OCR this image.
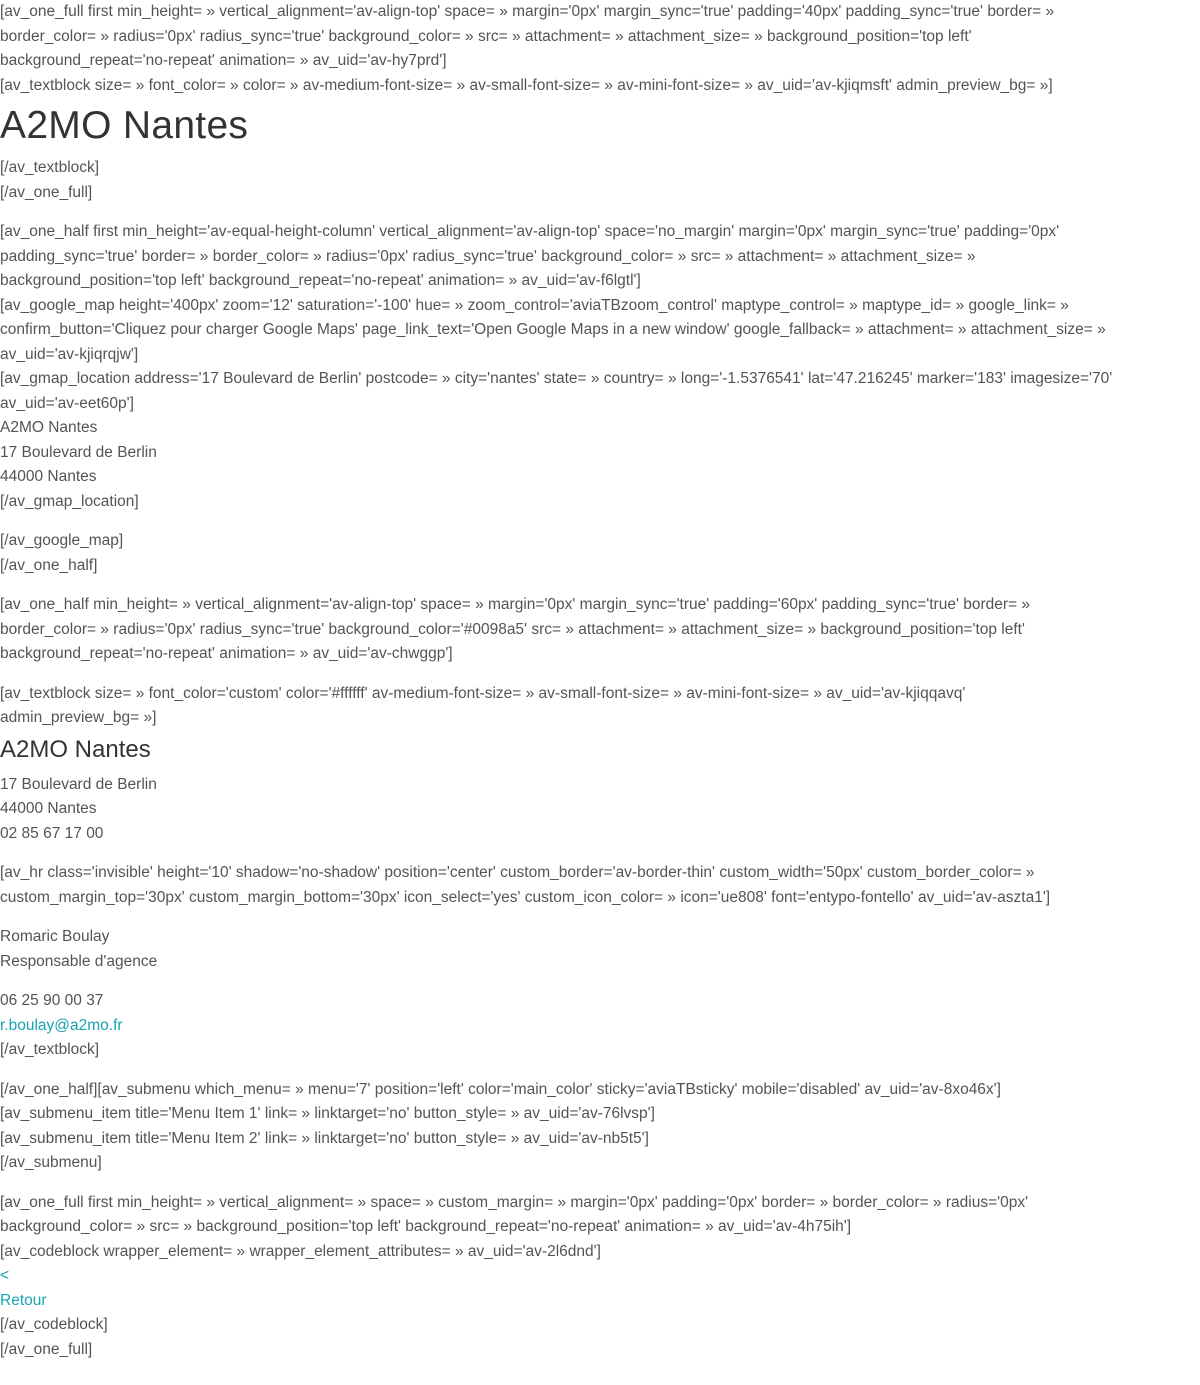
[av_one_full first min_height= » vertical_alignment='av-align-top' space= » margin='0px' margin_sync='true' padding='40px' padding_sync='true' border= »
border_color= » radius='0px' radius_sync='true' background_color= » src= » attachment= » attachment_size= » background_position='top left'
background_repeat='no-repeat' animation= » av_uid='av-hy7prd']
[av_textblock size= » font_color= » color= » av-medium-font-size= » av-small-font-size= » av-mini-font-size= » av_uid='av-kjiqmsft' admin_preview_bg= »]
A2MO Nantes
[/av_textblock]
[/av_one_full]
[av_one_half first min_height='av-equal-height-column' vertical_alignment='av-align-top' space='no_margin' margin='0px' margin_sync='true' padding='0px'
padding_sync='true' border= » border_color= » radius='0px' radius_sync='true' background_color= » src= » attachment= » attachment_size= »
background_position='top left' background_repeat='no-repeat' animation= » av_uid='av-f6lgtl']
[av_google_map height='400px' zoom='12' saturation='-100' hue= » zoom_control='aviaTBzoom_control' maptype_control= » maptype_id= » google_link= »
confirm_button='Cliquez pour charger Google Maps' page_link_text='Open Google Maps in a new window' google_fallback= » attachment= » attachment_size= »
av_uid='av-kjiqrqjw']
[av_gmap_location address='17 Boulevard de Berlin' postcode= » city='nantes' state= » country= » long='-1.5376541' lat='47.216245' marker='183' imagesize='70'
av_uid='av-eet60p']
A2MO Nantes
17 Boulevard de Berlin
44000 Nantes
[/av_gmap_location]
[/av_google_map]
[/av_one_half]
[av_one_half min_height= » vertical_alignment='av-align-top' space= » margin='0px' margin_sync='true' padding='60px' padding_sync='true' border= »
border_color= » radius='0px' radius_sync='true' background_color='#0098a5' src= » attachment= » attachment_size= » background_position='top left'
background_repeat='no-repeat' animation= » av_uid='av-chwggp']
[av_textblock size= » font_color='custom' color='#ffffff' av-medium-font-size= » av-small-font-size= » av-mini-font-size= » av_uid='av-kjiqqavq'
admin_preview_bg= »]
A2MO Nantes
17 Boulevard de Berlin
44000 Nantes
02 85 67 17 00
[av_hr class='invisible' height='10' shadow='no-shadow' position='center' custom_border='av-border-thin' custom_width='50px' custom_border_color= »
custom_margin_top='30px' custom_margin_bottom='30px' icon_select='yes' custom_icon_color= » icon='ue808' font='entypo-fontello' av_uid='av-aszta1']
Romaric Boulay
Responsable d'agence
06 25 90 00 37
r.boulay@a2mo.fr
[/av_textblock]
[/av_one_half][av_submenu which_menu= » menu='7' position='left' color='main_color' sticky='aviaTBsticky' mobile='disabled' av_uid='av-8xo46x']
[av_submenu_item title='Menu Item 1' link= » linktarget='no' button_style= » av_uid='av-76lvsp']
[av_submenu_item title='Menu Item 2' link= » linktarget='no' button_style= » av_uid='av-nb5t5']
[/av_submenu]
[av_one_full first min_height= » vertical_alignment= » space= » custom_margin= » margin='0px' padding='0px' border= » border_color= » radius='0px'
background_color= » src= » background_position='top left' background_repeat='no-repeat' animation= » av_uid='av-4h75ih']
[av_codeblock wrapper_element= » wrapper_element_attributes= » av_uid='av-2l6dnd']
<
Retour
[/av_codeblock]
[/av_one_full]
